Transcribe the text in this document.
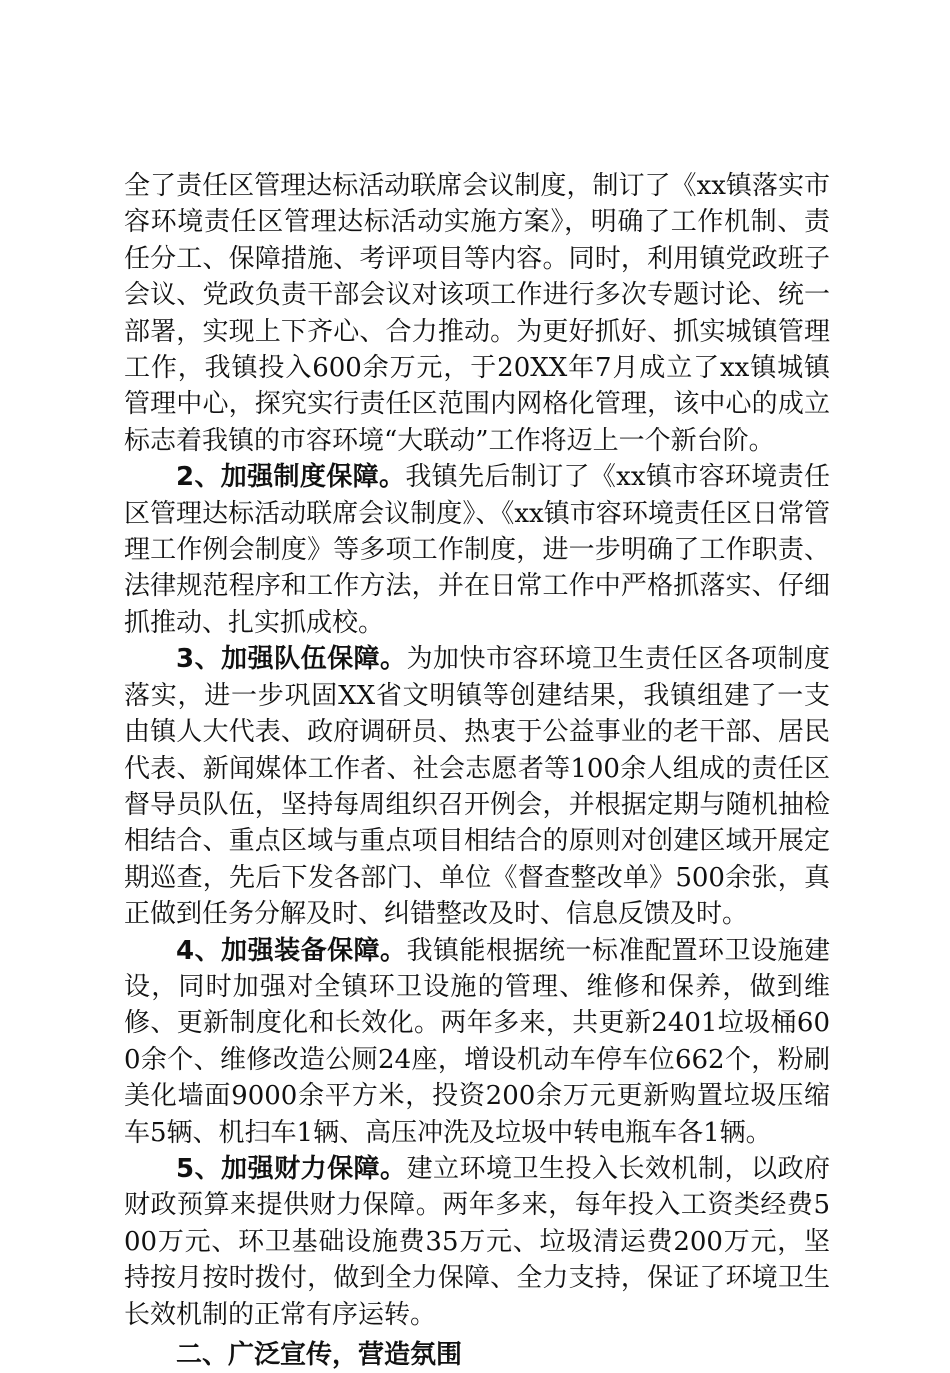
全了责任区管理达标活动联席会议制度，制订了《xx镇落实市容环境责任区管理达标活动实施方案》，明确了工作机制、责任分工、保障措施、考评项目等内容。同时，利用镇党政班子会议、党政负责干部会议对该项工作进行多次专题讨论、统一部署，实现上下齐心、合力推动。为更好抓好、抓实城镇管理工作，我镇投入600余万元，于20XX年7月成立了xx镇城镇管理中心，探究实行责任区范围内网格化管理，该中心的成立标志着我镇的市容环境“大联动”工作将迈上一个新台阶。

2、加强制度保障。我镇先后制订了《xx镇市容环境责任区管理达标活动联席会议制度》、《xx镇市容环境责任区日常管理工作例会制度》等多项工作制度，进一步明确了工作职责、法律规范程序和工作方法，并在日常工作中严格抓落实、仔细抓推动、扎实抓成校。

3、加强队伍保障。为加快市容环境卫生责任区各项制度落实，进一步巩固XX省文明镇等创建结果，我镇组建了一支由镇人大代表、政府调研员、热衷于公益事业的老干部、居民代表、新闻媒体工作者、社会志愿者等100余人组成的责任区督导员队伍，坚持每周组织召开例会，并根据定期与随机抽检相结合、重点区域与重点项目相结合的原则对创建区域开展定期巡查，先后下发各部门、单位《督查整改单》500余张，真正做到任务分解及时、纠错整改及时、信息反馈及时。

4、加强装备保障。我镇能根据统一标准配置环卫设施建设，同时加强对全镇环卫设施的管理、维修和保养，做到维修、更新制度化和长效化。两年多来，共更新2401垃圾桶600余个、维修改造公厕24座，增设机动车停车位662个，粉刷美化墙面9000余平方米，投资200余万元更新购置垃圾压缩车5辆、机扫车1辆、高压冲洗及垃圾中转电瓶车各1辆。

5、加强财力保障。建立环境卫生投入长效机制，以政府财政预算来提供财力保障。两年多来，每年投入工资类经费500万元、环卫基础设施费35万元、垃圾清运费200万元，坚持按月按时拨付，做到全力保障、全力支持，保证了环境卫生长效机制的正常有序运转。

二、广泛宣传，营造氛围
